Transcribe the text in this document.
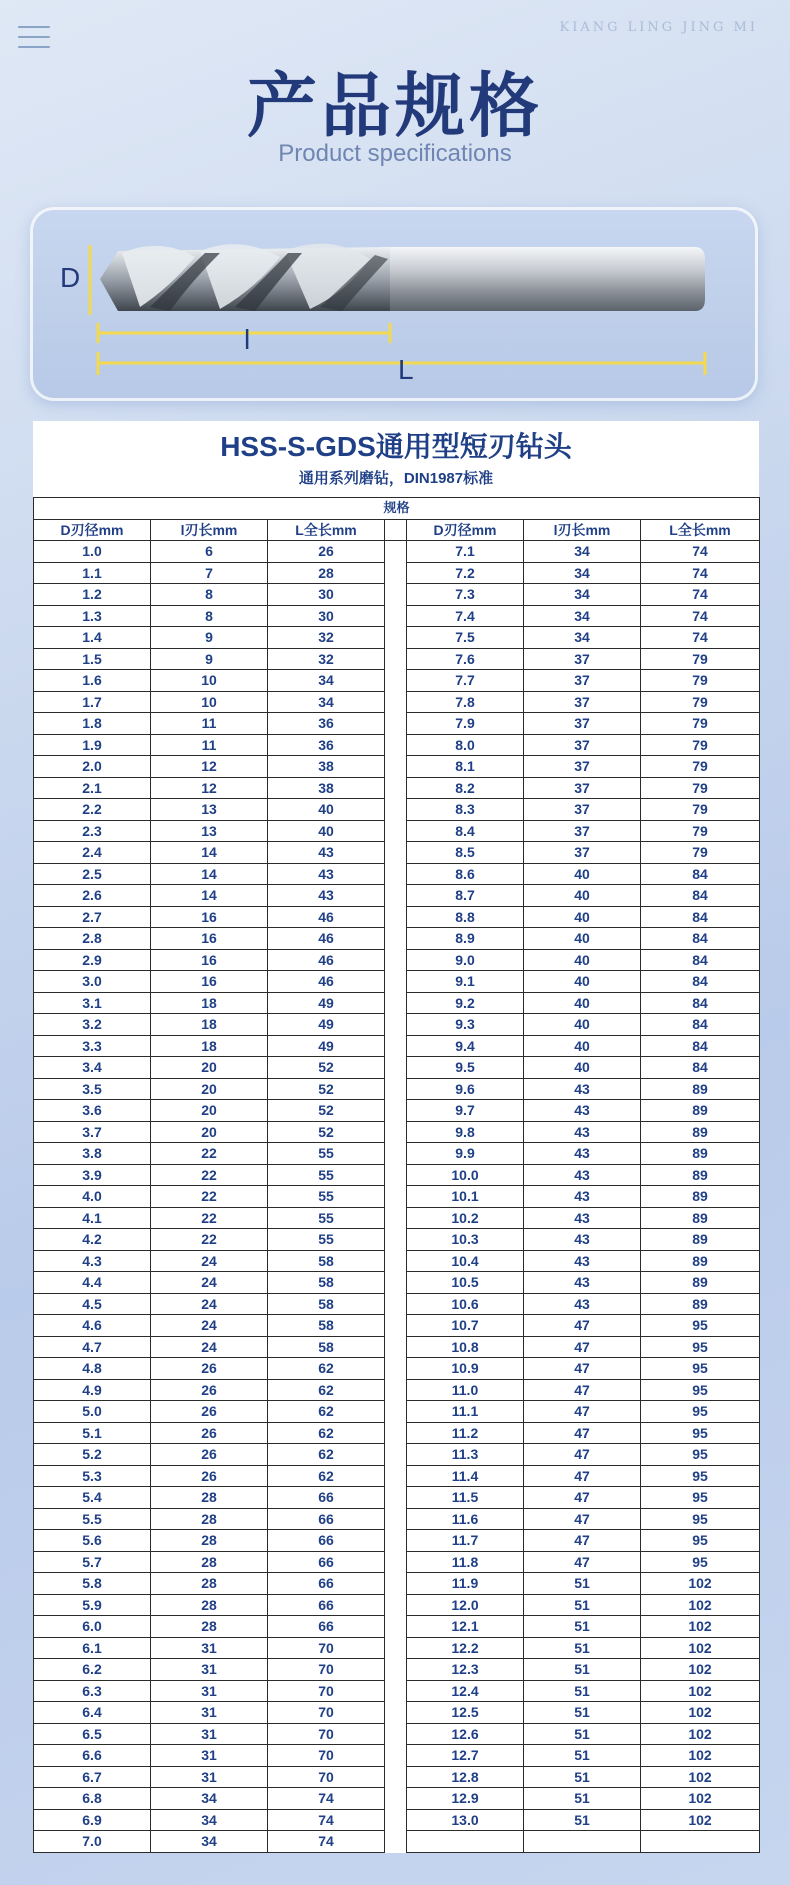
KIANG LING JING MI
产品规格
Product specifications
D
l
L
HSS-S-GDS通用型短刃钻头
通用系列磨钻，DIN1987标准
规格						
D刃径mm	l刃长mm	L全长mm		D刃径mm	l刃长mm	L全长mm
1.0	6	26		7.1	34	74
1.1	7	28		7.2	34	74
1.2	8	30		7.3	34	74
1.3	8	30		7.4	34	74
1.4	9	32		7.5	34	74
1.5	9	32		7.6	37	79
1.6	10	34		7.7	37	79
1.7	10	34		7.8	37	79
1.8	11	36		7.9	37	79
1.9	11	36		8.0	37	79
2.0	12	38		8.1	37	79
2.1	12	38		8.2	37	79
2.2	13	40		8.3	37	79
2.3	13	40		8.4	37	79
2.4	14	43		8.5	37	79
2.5	14	43		8.6	40	84
2.6	14	43		8.7	40	84
2.7	16	46		8.8	40	84
2.8	16	46		8.9	40	84
2.9	16	46		9.0	40	84
3.0	16	46		9.1	40	84
3.1	18	49		9.2	40	84
3.2	18	49		9.3	40	84
3.3	18	49		9.4	40	84
3.4	20	52		9.5	40	84
3.5	20	52		9.6	43	89
3.6	20	52		9.7	43	89
3.7	20	52		9.8	43	89
3.8	22	55		9.9	43	89
3.9	22	55		10.0	43	89
4.0	22	55		10.1	43	89
4.1	22	55		10.2	43	89
4.2	22	55		10.3	43	89
4.3	24	58		10.4	43	89
4.4	24	58		10.5	43	89
4.5	24	58		10.6	43	89
4.6	24	58		10.7	47	95
4.7	24	58		10.8	47	95
4.8	26	62		10.9	47	95
4.9	26	62		11.0	47	95
5.0	26	62		11.1	47	95
5.1	26	62		11.2	47	95
5.2	26	62		11.3	47	95
5.3	26	62		11.4	47	95
5.4	28	66		11.5	47	95
5.5	28	66		11.6	47	95
5.6	28	66		11.7	47	95
5.7	28	66		11.8	47	95
5.8	28	66		11.9	51	102
5.9	28	66		12.0	51	102
6.0	28	66		12.1	51	102
6.1	31	70		12.2	51	102
6.2	31	70		12.3	51	102
6.3	31	70		12.4	51	102
6.4	31	70		12.5	51	102
6.5	31	70		12.6	51	102
6.6	31	70		12.7	51	102
6.7	31	70		12.8	51	102
6.8	34	74		12.9	51	102
6.9	34	74		13.0	51	102
7.0	34	74				
